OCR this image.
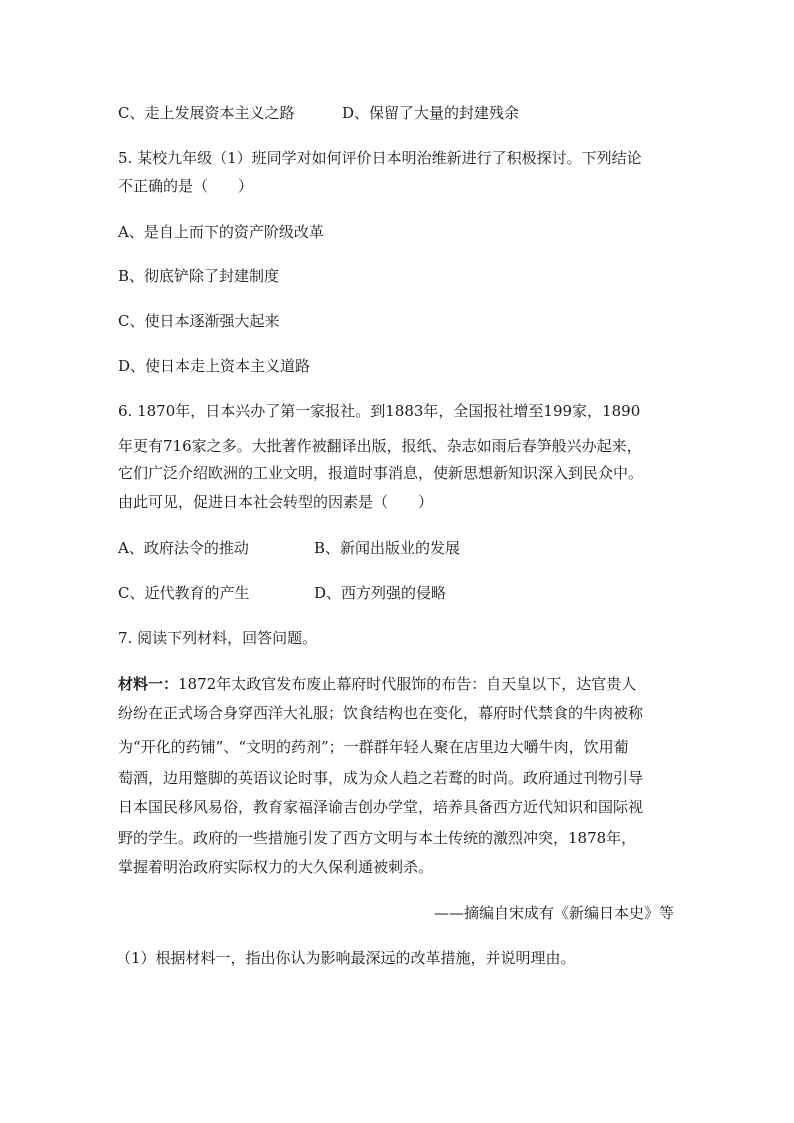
C、走上发展资本主义之路	D、保留了大量的封建残余
5. 某校九年级（1）班同学对如何评价日本明治维新进行了积极探讨。下列结论
不正确的是（　　）
A、是自上而下的资产阶级改革
B、彻底铲除了封建制度
C、使日本逐渐强大起来
D、使日本走上资本主义道路
6. 1870年，日本兴办了第一家报社。到1883年，全国报社增至199家，1890
年更有716家之多。大批著作被翻译出版，报纸、杂志如雨后春笋般兴办起来，
它们广泛介绍欧洲的工业文明，报道时事消息，使新思想新知识深入到民众中。
由此可见，促进日本社会转型的因素是（　　）
A、政府法令的推动	B、新闻出版业的发展
C、近代教育的产生	D、西方列强的侵略
7. 阅读下列材料，回答问题。
材料一：1872年太政官发布废止幕府时代服饰的布告：自天皇以下，达官贵人
纷纷在正式场合身穿西洋大礼服；饮食结构也在变化，幕府时代禁食的牛肉被称
为“开化的药铺”、“文明的药剂”；一群群年轻人聚在店里边大嚼牛肉，饮用葡
萄酒，边用蹩脚的英语议论时事，成为众人趋之若鹜的时尚。政府通过刊物引导
日本国民移风易俗，教育家福泽谕吉创办学堂，培养具备西方近代知识和国际视
野的学生。政府的一些措施引发了西方文明与本土传统的激烈冲突，1878年，
掌握着明治政府实际权力的大久保利通被刺杀。
——摘编自宋成有《新编日本史》等
（1）根据材料一，指出你认为影响最深远的改革措施，并说明理由。
